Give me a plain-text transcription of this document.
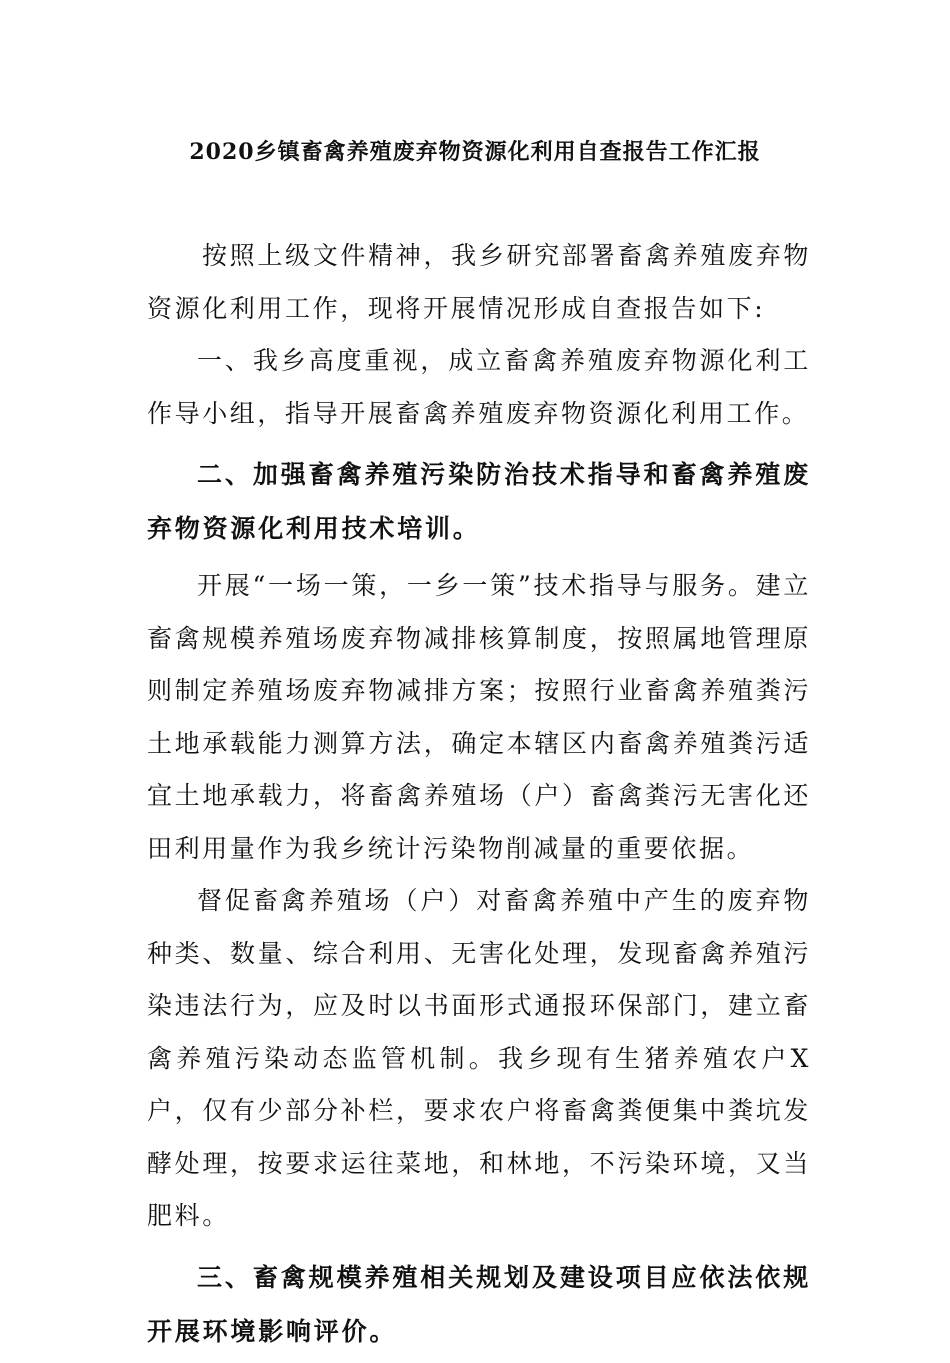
2020乡镇畜禽养殖废弃物资源化利用自查报告工作汇报

按照上级文件精神，我乡研究部署畜禽养殖废弃物资源化利用工作，现将开展情况形成自查报告如下:

一、我乡高度重视，成立畜禽养殖废弃物源化利工作导小组，指导开展畜禽养殖废弃物资源化利用工作。

二、加强畜禽养殖污染防治技术指导和畜禽养殖废弃物资源化利用技术培训。

开展“一场一策，一乡一策”技术指导与服务。建立畜禽规模养殖场废弃物减排核算制度，按照属地管理原则制定养殖场废弃物减排方案；按照行业畜禽养殖粪污土地承载能力测算方法，确定本辖区内畜禽养殖粪污适宜土地承载力，将畜禽养殖场（户）畜禽粪污无害化还田利用量作为我乡统计污染物削减量的重要依据。

督促畜禽养殖场（户）对畜禽养殖中产生的废弃物种类、数量、综合利用、无害化处理，发现畜禽养殖污染违法行为，应及时以书面形式通报环保部门，建立畜禽养殖污染动态监管机制。我乡现有生猪养殖农户X户，仅有少部分补栏，要求农户将畜禽粪便集中粪坑发酵处理，按要求运往菜地，和林地，不污染环境，又当肥料。

三、畜禽规模养殖相关规划及建设项目应依法依规开展环境影响评价。
